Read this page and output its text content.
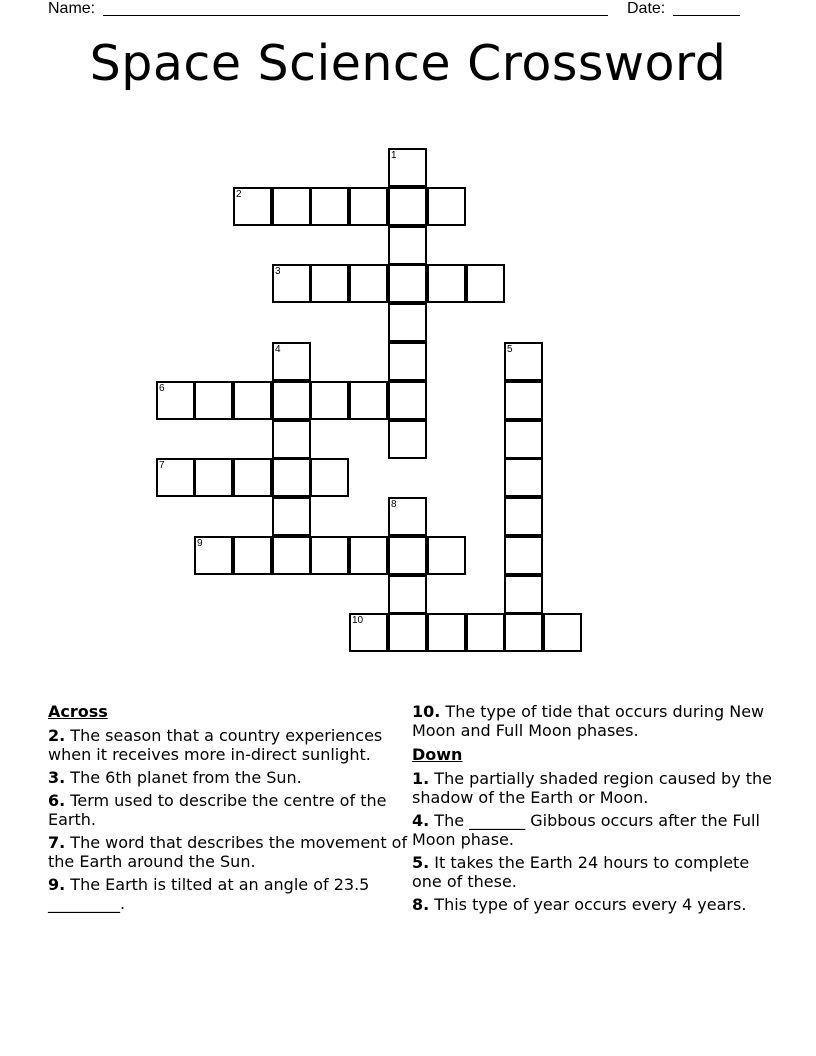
Name:	Date:
Space Science Crossword
1
2
3
4	5
6
7
8
9
10
Across
2. The season that a country experiences when it receives more in-direct sunlight.
3. The 6th planet from the Sun.
6. Term used to describe the centre of the Earth.
7. The word that describes the movement of the Earth around the Sun.
9. The Earth is tilted at an angle of 23.5 _________.
10. The type of tide that occurs during New Moon and Full Moon phases.
Down
1. The partially shaded region caused by the shadow of the Earth or Moon.
4. The _______ Gibbous occurs after the Full Moon phase.
5. It takes the Earth 24 hours to complete one of these.
8. This type of year occurs every 4 years.
